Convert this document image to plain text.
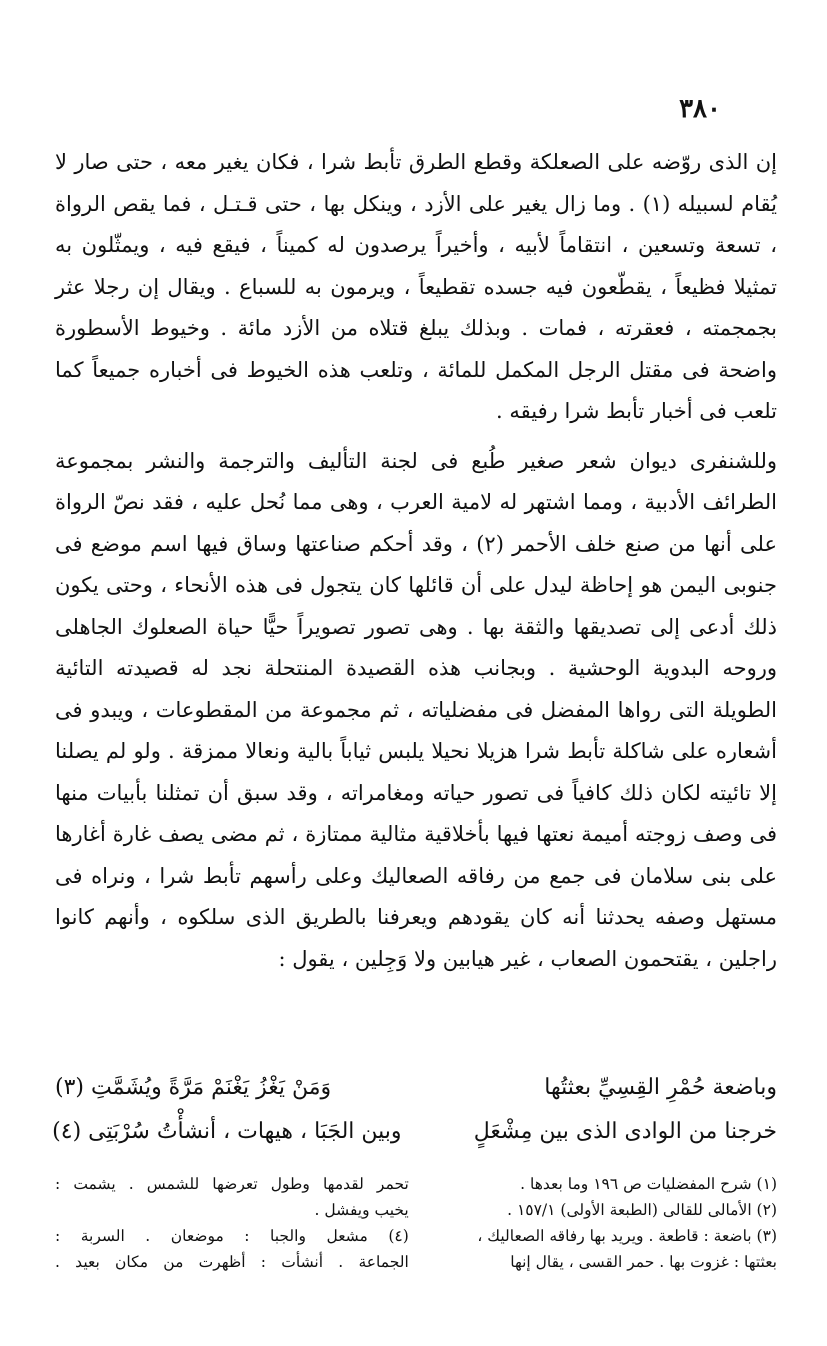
٣٨٠

إن الذى روّضه على الصعلكة وقطع الطرق تأبط شرا ، فكان يغير معه ، حتى صار لا يُقام لسبيله (١) . وما زال يغير على الأزد ، وينكل بها ، حتى قـتـل ، فما يقص الرواة ، تسعة وتسعين ، انتقاماً لأبيه ، وأخيراً يرصدون له كميناً ، فيقع فيه ، ويمثّلون به تمثيلا فظيعاً ، يقطّعون فيه جسده تقطيعاً ، ويرمون به للسباع . ويقال إن رجلا عثر بجمجمته ، فعقرته ، فمات . وبذلك يبلغ قتلاه من الأزد مائة . وخيوط الأسطورة واضحة فى مقتل الرجل المكمل للمائة ، وتلعب هذه الخيوط فى أخباره جميعاً كما تلعب فى أخبار تأبط شرا رفيقه .

وللشنفرى ديوان شعر صغير طُبع فى لجنة التأليف والترجمة والنشر بمجموعة الطرائف الأدبية ، ومما اشتهر له لامية العرب ، وهى مما نُحل عليه ، فقد نصّ الرواة على أنها من صنع خلف الأحمر (٢) ، وقد أحكم صناعتها وساق فيها اسم موضع فى جنوبى اليمن هو إحاظة ليدل على أن قائلها كان يتجول فى هذه الأنحاء ، وحتى يكون ذلك أدعى إلى تصديقها والثقة بها . وهى تصور تصويراً حيًّا حياة الصعلوك الجاهلى وروحه البدوية الوحشية . وبجانب هذه القصيدة المنتحلة نجد له قصيدته التائية الطويلة التى رواها المفضل فى مفضلياته ، ثم مجموعة من المقطوعات ، ويبدو فى أشعاره على شاكلة تأبط شرا هزيلا نحيلا يلبس ثياباً بالية ونعالا ممزقة . ولو لم يصلنا إلا تائيته لكان ذلك كافياً فى تصور حياته ومغامراته ، وقد سبق أن تمثلنا بأبيات منها فى وصف زوجته أميمة نعتها فيها بأخلاقية مثالية ممتازة ، ثم مضى يصف غارة أغارها على بنى سلامان فى جمع من رفاقه الصعاليك وعلى رأسهم تأبط شرا ، ونراه فى مستهل وصفه يحدثنا أنه كان يقودهم ويعرفنا بالطريق الذى سلكوه ، وأنهم كانوا راجلين ، يقتحمون الصعاب ، غير هيابين ولا وَجِلين ، يقول :

وباضعة حُمْرِ القِسِيِّ بعثتُها
وَمَنْ يَغْزُ يَغْنَمْ مَرَّةً ويُشَمَّتِ (٣)
خرجنا من الوادى الذى بين مِشْعَلٍ
وبين الجَبَا ، هيهات ، أنشأْتُ سُرْبَتِى (٤)
(١) شرح المفضليات ص ١٩٦ وما بعدها .
(٢) الأمالى للقالى (الطبعة الأولى) ١٥٧/١ .
(٣) باضعة : قاطعة . ويريد بها رفاقه الصعاليك ،
بعثتها : غزوت بها . حمر القسى ، يقال إنها
تحمر لقدمها وطول تعرضها للشمس . يشمت :
يخيب ويفشل .
(٤) مشعل والجبا : موضعان . السربة :
الجماعة . أنشأت : أظهرت من مكان بعيد .
